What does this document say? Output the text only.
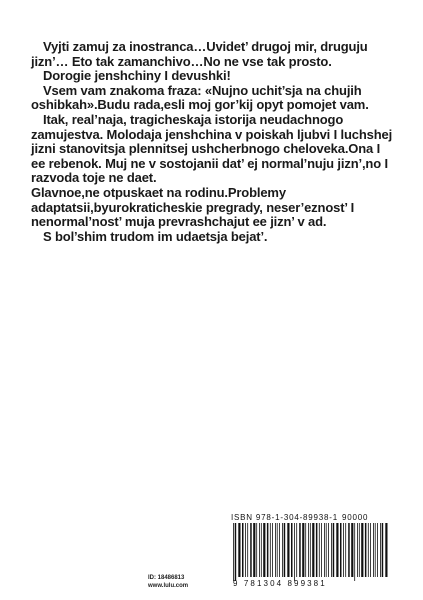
Vyjti zamuj za inostranca…Uvidet’ drugoj mir, druguju jizn’… Eto tak zamanchivo…No ne vse tak prosto.

Dorogie jenshchiny I devushki!

Vsem vam znakoma fraza: «Nujno uchit’sja na chujih oshibkah».Budu rada,esli moj gor’kij opyt pomojet vam.

Itak, real’naja, tragicheskaja istorija neudachnogo zamujestva. Molodaja jenshchina v poiskah ljubvi I luchshej jizni stanovitsja plennitsej ushcherbnogo cheloveka.Ona I ee rebenok. Muj ne v sostojanii dat’ ej normal’nuju jizn’,no I razvoda toje ne daet.

Glavnoe,ne otpuskaet na rodinu.Problemy adaptatsii,byurokraticheskie pregrady, neser’eznost’ I nenormal’nost’ muja prevrashchajut ee jizn’ v ad.

S bol’shim trudom im udaetsja bejat’.

ID: 18486813
www.lulu.com
ISBN 978-1-304-89938-1 90000
9 781304 899381
